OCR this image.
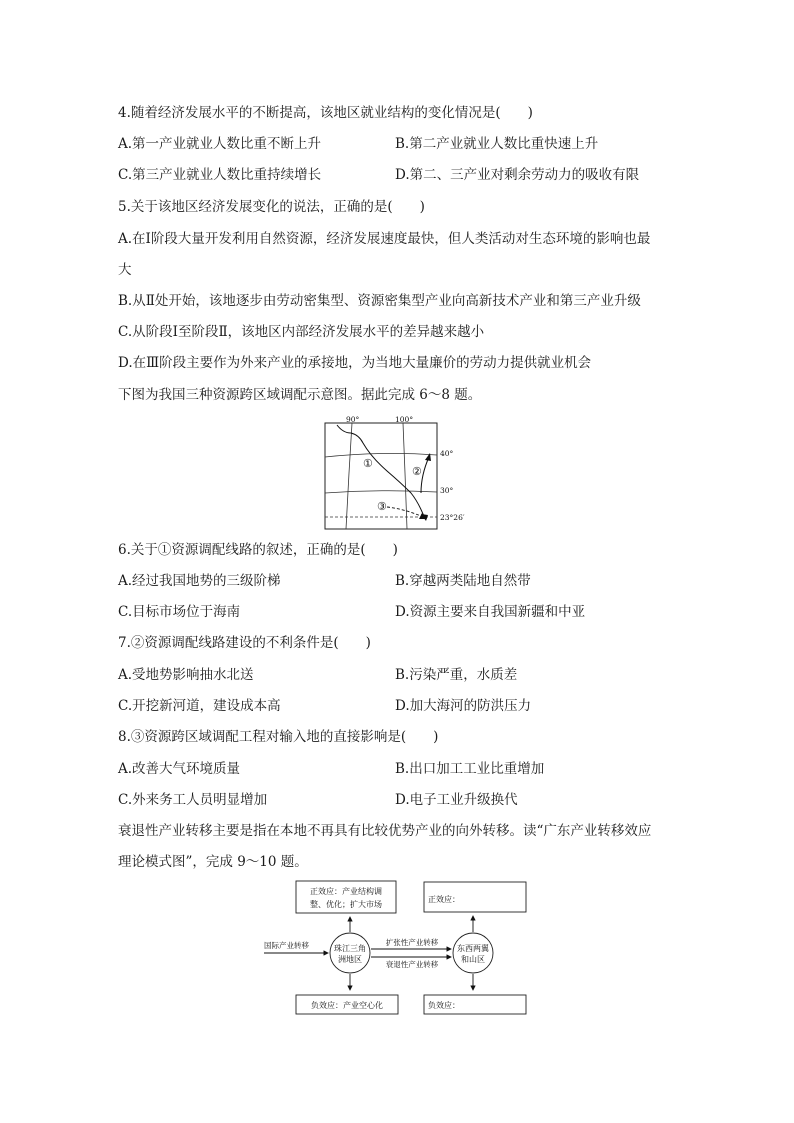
4.随着经济发展水平的不断提高，该地区就业结构的变化情况是(　　)
A.第一产业就业人数比重不断上升	B.第二产业就业人数比重快速上升
C.第三产业就业人数比重持续增长	D.第二、三产业对剩余劳动力的吸收有限
5.关于该地区经济发展变化的说法，正确的是(　　)
A.在Ⅰ阶段大量开发利用自然资源，经济发展速度最快，但人类活动对生态环境的影响也最
大
B.从Ⅱ处开始，该地逐步由劳动密集型、资源密集型产业向高新技术产业和第三产业升级
C.从阶段Ⅰ至阶段Ⅱ，该地区内部经济发展水平的差异越来越小
D.在Ⅲ阶段主要作为外来产业的承接地，为当地大量廉价的劳动力提供就业机会
下图为我国三种资源跨区域调配示意图。据此完成 6～8 题。
90°	100°
40°
30°
23°26′
①
②
③
6.关于①资源调配线路的叙述，正确的是(　　)
A.经过我国地势的三级阶梯	B.穿越两类陆地自然带
C.目标市场位于海南	D.资源主要来自我国新疆和中亚
7.②资源调配线路建设的不利条件是(　　)
A.受地势影响抽水北送	B.污染严重，水质差
C.开挖新河道，建设成本高	D.加大海河的防洪压力
8.③资源跨区域调配工程对输入地的直接影响是(　　)
A.改善大气环境质量	B.出口加工工业比重增加
C.外来务工人员明显增加	D.电子工业升级换代
衰退性产业转移主要是指在本地不再具有比较优势产业的向外转移。读“广东产业转移效应
理论模式图”，完成 9～10 题。
正效应：产业结构调
整、优化；扩大市场
正效应：
珠江三角
洲地区
东西两翼
和山区
国际产业转移	扩张性产业转移
衰退性产业转移
负效应：产业空心化	负效应：
